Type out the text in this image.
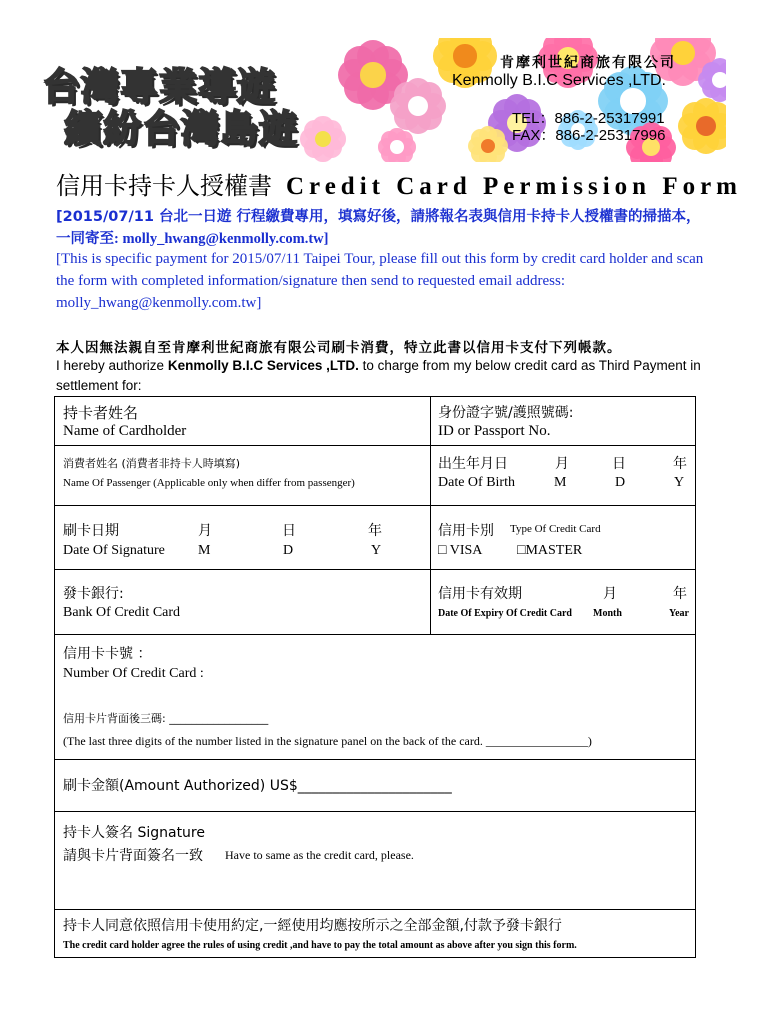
台灣專業導遊
繽紛台灣島遊
肯摩利世紀商旅有限公司
Kenmolly B.I.C Services ,LTD.
TEL：886-2-25317991
FAX：886-2-25317996
信用卡持卡人授權書 Credit Card Permission Form
[2015/07/11 台北一日遊 行程繳費專用，填寫好後，請將報名表與信用卡持卡人授權書的掃描本，
一同寄至: molly_hwang@kenmolly.com.tw]
[This is specific payment for 2015/07/11 Taipei Tour, please fill out this form by credit card holder and scan the form with completed information/signature then send to requested email address: molly_hwang@kenmolly.com.tw]
本人因無法親自至肯摩利世紀商旅有限公司刷卡消費，特立此書以信用卡支付下列帳款。
I hereby authorize Kenmolly B.I.C Services ,LTD. to charge from my below credit card as Third Payment in settlement for:
持卡者姓名
Name of Cardholder
身份證字號/護照號碼:
ID or Passport No.
消費者姓名 (消費者非持卡人時填寫)
Name Of Passenger (Applicable only when differ from passenger)
出生年月日	月	日	年
Date Of Birth	M	D	Y
刷卡日期	月	日	年
Date Of Signature M	D	Y
信用卡別 Type Of Credit Card
□ VISA □MASTER
發卡銀行:
Bank Of Credit Card
信用卡有效期	月	年
Date Of Expiry Of Credit Card Month	Year
信用卡卡號 ：
Number Of Credit Card :
信用卡片背面後三碼: __________________
(The last three digits of the number listed in the signature panel on the back of the card. _________________)
刷卡金額(Amount Authorized) US$______________________
持卡人簽名 Signature
請與卡片背面簽名一致 Have to same as the credit card, please.
持卡人同意依照信用卡使用約定,一經使用均應按所示之全部金額,付款予發卡銀行
The credit card holder agree the rules of using credit ,and have to pay the total amount as above after you sign this form.
